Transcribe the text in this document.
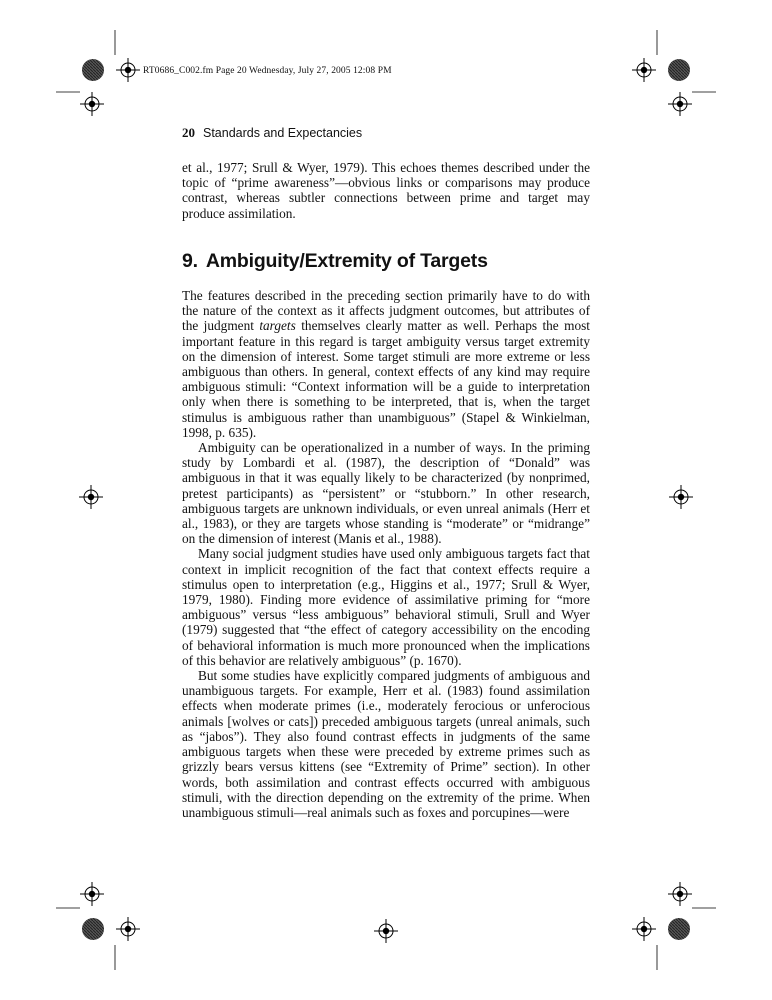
RT0686_C002.fm Page 20 Wednesday, July 27, 2005 12:08 PM
20 Standards and Expectancies

et al., 1977; Srull & Wyer, 1979). This echoes themes described under the topic of “prime awareness”—obvious links or comparisons may produce contrast, whereas subtler connections between prime and target may produce assimilation.

9. Ambiguity/Extremity of Targets

The features described in the preceding section primarily have to do with the nature of the context as it affects judgment outcomes, but attributes of the judgment targets themselves clearly matter as well. Perhaps the most important feature in this regard is target ambiguity versus target extremity on the dimension of interest. Some target stimuli are more extreme or less ambiguous than others. In general, context effects of any kind may require ambiguous stimuli: “Context information will be a guide to interpretation only when there is something to be interpreted, that is, when the target stimulus is ambiguous rather than unambiguous” (Stapel & Winkielman, 1998, p. 635).

Ambiguity can be operationalized in a number of ways. In the priming study by Lombardi et al. (1987), the description of “Donald” was ambiguous in that it was equally likely to be characterized (by nonprimed, pretest participants) as “persistent” or “stubborn.” In other research, ambiguous targets are unknown individuals, or even unreal animals (Herr et al., 1983), or they are targets whose standing is “moderate” or “midrange” on the dimension of interest (Manis et al., 1988).

Many social judgment studies have used only ambiguous targets fact that context in implicit recognition of the fact that context effects require a stimulus open to interpretation (e.g., Higgins et al., 1977; Srull & Wyer, 1979, 1980). Finding more evidence of assimilative priming for “more ambiguous” versus “less ambiguous” behavioral stimuli, Srull and Wyer (1979) suggested that “the effect of category accessibility on the encoding of behavioral information is much more pronounced when the implications of this behavior are relatively ambiguous” (p. 1670).

But some studies have explicitly compared judgments of ambiguous and unambiguous targets. For example, Herr et al. (1983) found assimilation effects when moderate primes (i.e., moderately ferocious or unferocious animals [wolves or cats]) preceded ambiguous targets (unreal animals, such as “jabos”). They also found contrast effects in judgments of the same ambiguous targets when these were preceded by extreme primes such as grizzly bears versus kittens (see “Extremity of Prime” section). In other words, both assimilation and contrast effects occurred with ambiguous stimuli, with the direction depending on the extremity of the prime. When unambiguous stimuli—real animals such as foxes and porcupines—were
